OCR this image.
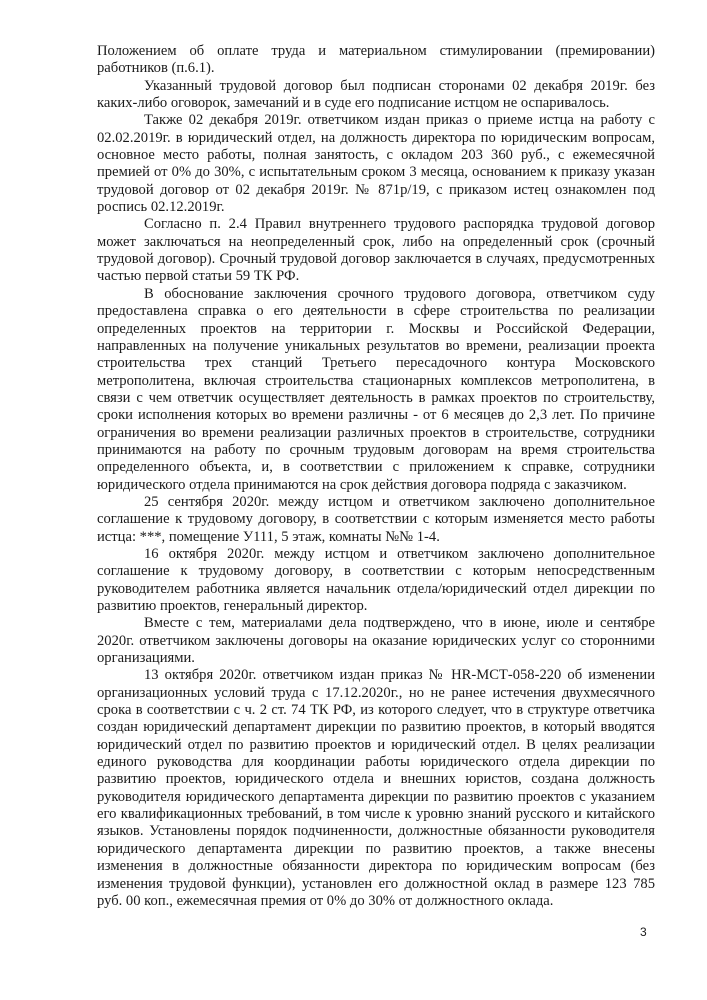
Положением об оплате труда и материальном стимулировании (премировании) работников (п.6.1).

Указанный трудовой договор был подписан сторонами 02 декабря 2019г. без каких-либо оговорок, замечаний и в суде его подписание истцом не оспаривалось.

Также 02 декабря 2019г. ответчиком издан приказ о приеме истца на работу с 02.02.2019г. в юридический отдел, на должность директора по юридическим вопросам, основное место работы, полная занятость, с окладом 203 360 руб., с ежемесячной премией от 0% до 30%, с испытательным сроком 3 месяца, основанием к приказу указан трудовой договор от 02 декабря 2019г. № 871р/19, с приказом истец ознакомлен под роспись 02.12.2019г.

Согласно п. 2.4 Правил внутреннего трудового распорядка трудовой договор может заключаться на неопределенный срок, либо на определенный срок (срочный трудовой договор). Срочный трудовой договор заключается в случаях, предусмотренных частью первой статьи 59 ТК РФ.

В обоснование заключения срочного трудового договора, ответчиком суду предоставлена справка о его деятельности в сфере строительства по реализации определенных проектов на территории г. Москвы и Российской Федерации, направленных на получение уникальных результатов во времени, реализации проекта строительства трех станций Третьего пересадочного контура Московского метрополитена, включая строительства стационарных комплексов метрополитена, в связи с чем ответчик осуществляет деятельность в рамках проектов по строительству, сроки исполнения которых во времени различны - от 6 месяцев до 2,3 лет. По причине ограничения во времени реализации различных проектов в строительстве, сотрудники принимаются на работу по срочным трудовым договорам на время строительства определенного объекта, и, в соответствии с приложением к справке, сотрудники юридического отдела принимаются на срок действия договора подряда с заказчиком.

25 сентября 2020г. между истцом и ответчиком заключено дополнительное соглашение к трудовому договору, в соответствии с которым изменяется место работы истца: ***, помещение У111, 5 этаж, комнаты №№ 1-4.

16 октября 2020г. между истцом и ответчиком заключено дополнительное соглашение к трудовому договору, в соответствии с которым непосредственным руководителем работника является начальник отдела/юридический отдел дирекции по развитию проектов, генеральный директор.

Вместе с тем, материалами дела подтверждено, что в июне, июле и сентябре 2020г. ответчиком заключены договоры на оказание юридических услуг со сторонними организациями.

13 октября 2020г. ответчиком издан приказ № HR-МСТ-058-220 об изменении организационных условий труда с 17.12.2020г., но не ранее истечения двухмесячного срока в соответствии с ч. 2 ст. 74 ТК РФ, из которого следует, что в структуре ответчика создан юридический департамент дирекции по развитию проектов, в который вводятся юридический отдел по развитию проектов и юридический отдел. В целях реализации единого руководства для координации работы юридического отдела дирекции по развитию проектов, юридического отдела и внешних юристов, создана должность руководителя юридического департамента дирекции по развитию проектов с указанием его квалификационных требований, в том числе к уровню знаний русского и китайского языков. Установлены порядок подчиненности, должностные обязанности руководителя юридического департамента дирекции по развитию проектов, а также внесены изменения в должностные обязанности директора по юридическим вопросам (без изменения трудовой функции), установлен его должностной оклад в размере 123 785 руб. 00 коп., ежемесячная премия от 0% до 30% от должностного оклада.

3
